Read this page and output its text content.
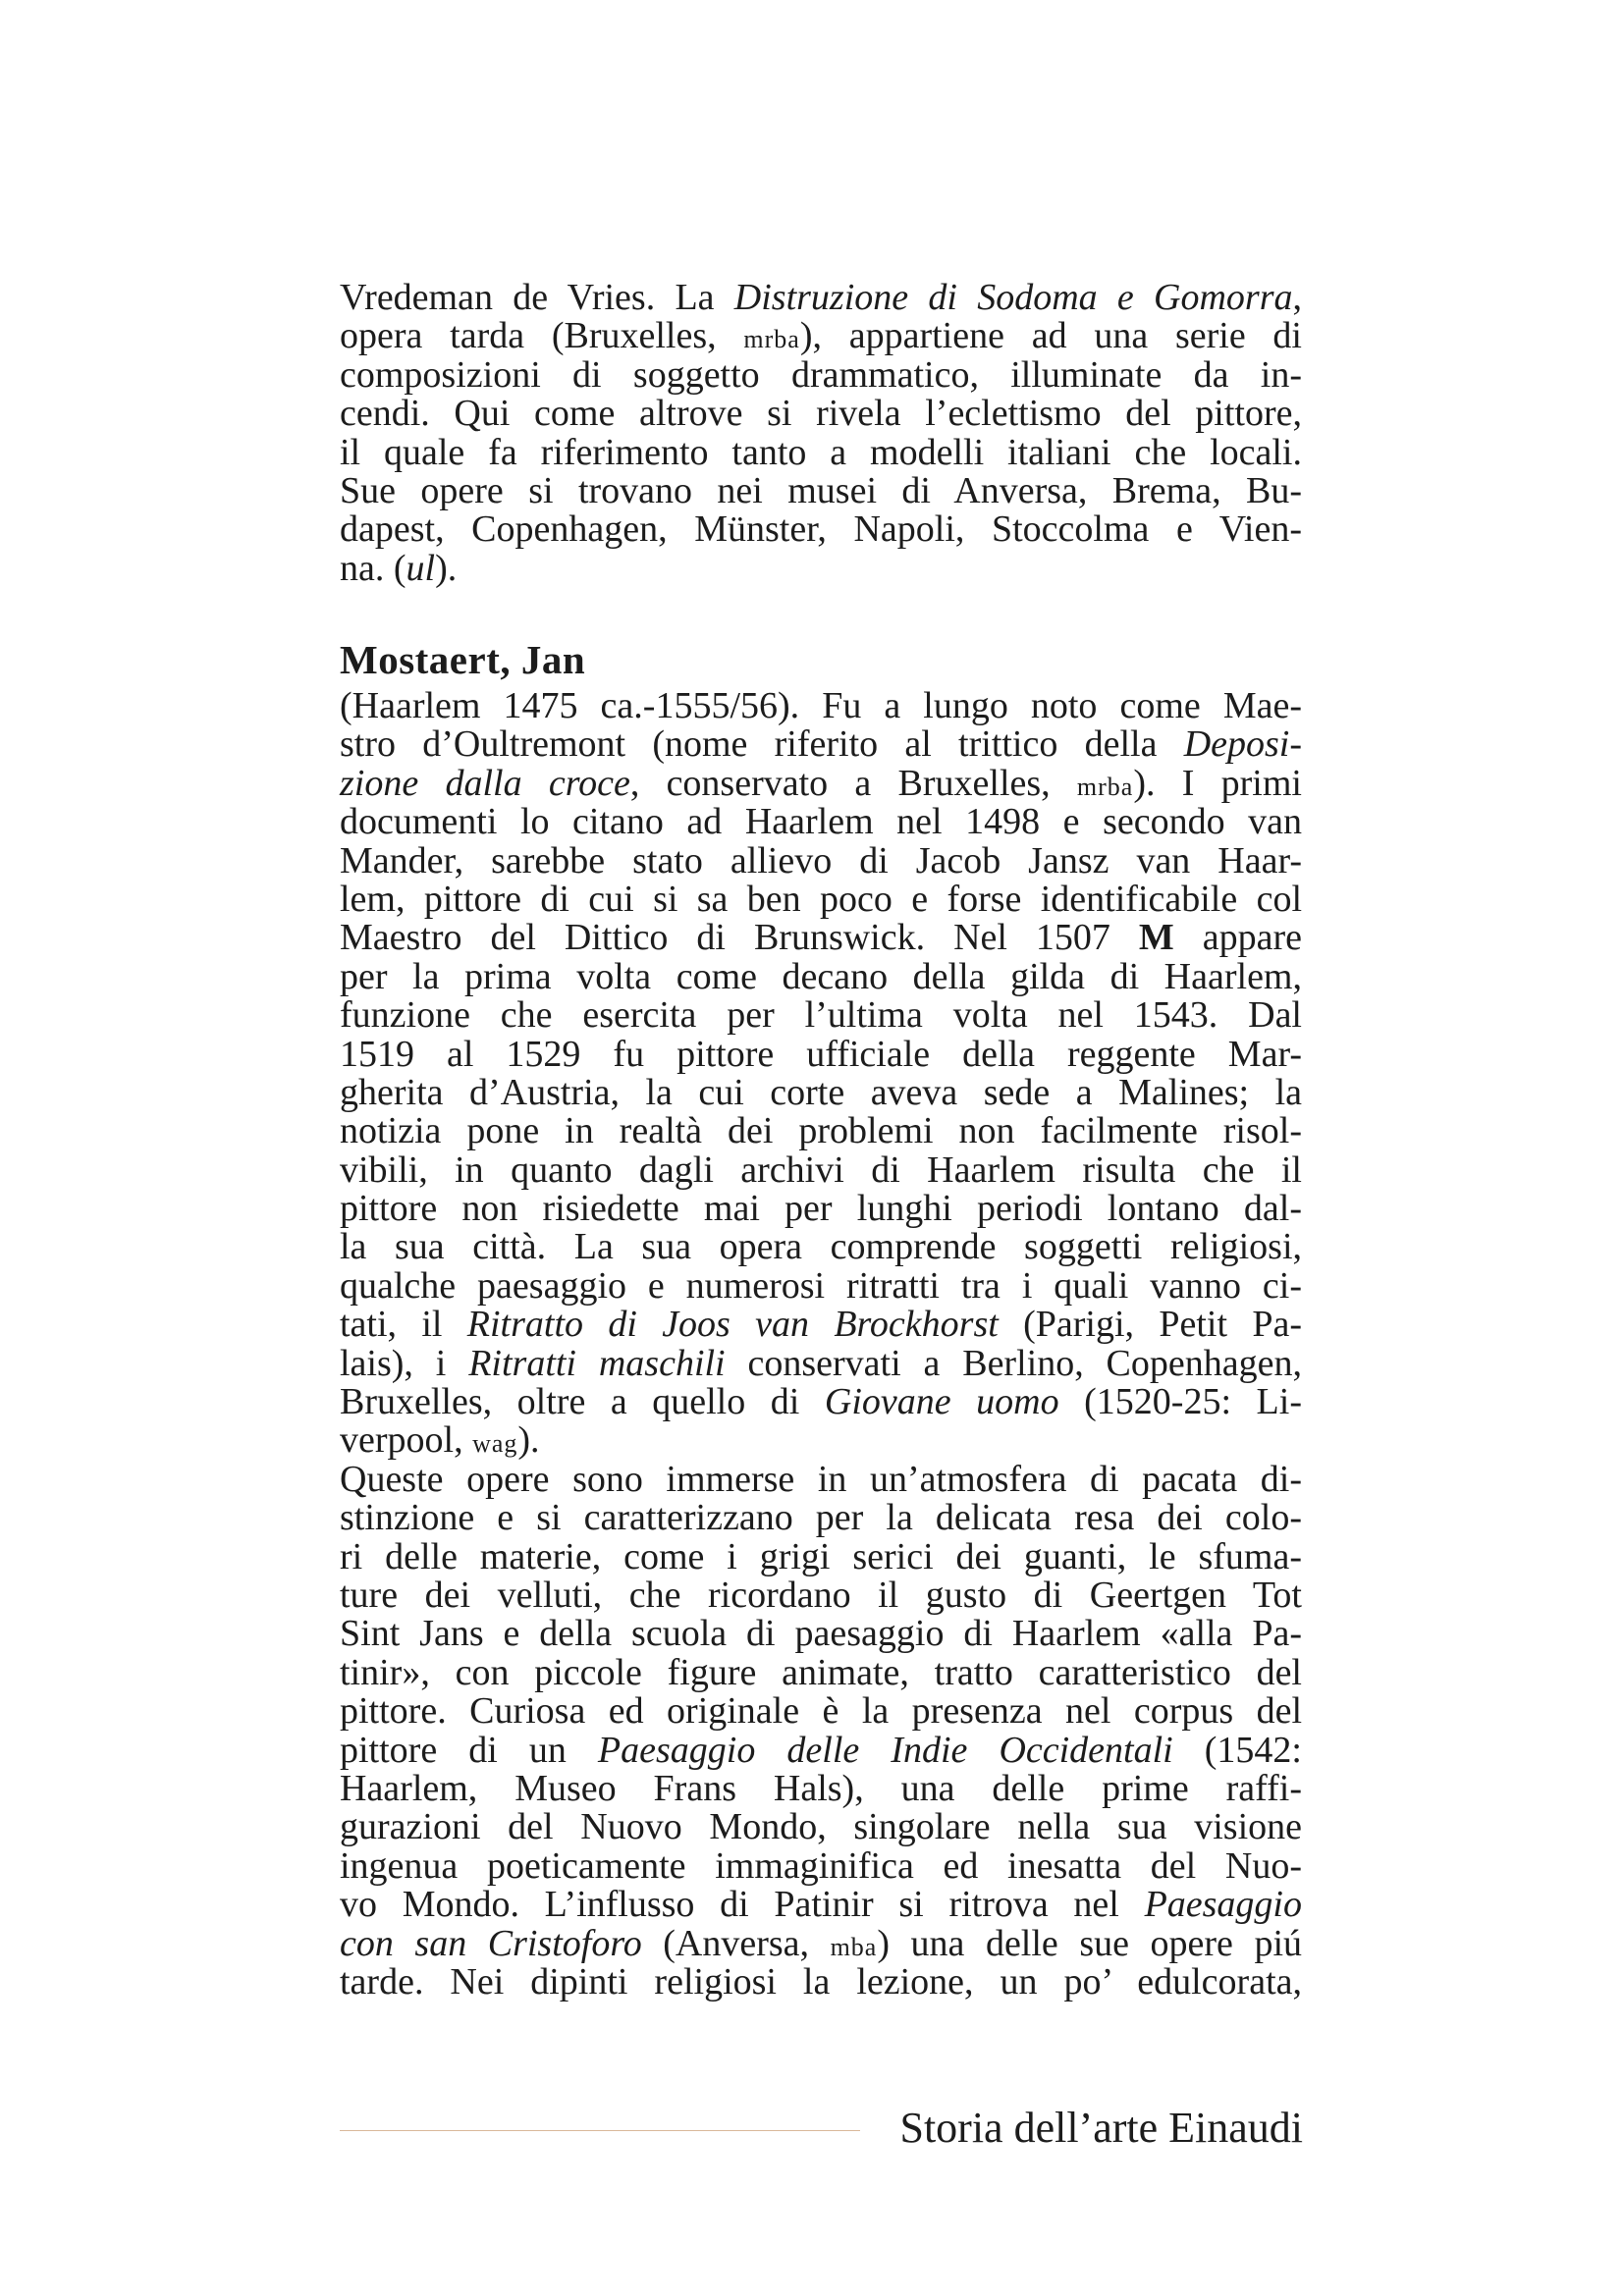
Vredeman de Vries. La Distruzione di Sodoma e Gomorra,
opera tarda (Bruxelles, mrba), appartiene ad una serie di
composizioni di soggetto drammatico, illuminate da in-
cendi. Qui come altrove si rivela l’eclettismo del pittore,
il quale fa riferimento tanto a modelli italiani che locali.
Sue opere si trovano nei musei di Anversa, Brema, Bu-
dapest, Copenhagen, Münster, Napoli, Stoccolma e Vien-
na. (ul).
Mostaert, Jan
(Haarlem 1475 ca.-1555/56). Fu a lungo noto come Mae-
stro d’Oultremont (nome riferito al trittico della Deposi-
zione dalla croce, conservato a Bruxelles, mrba). I primi
documenti lo citano ad Haarlem nel 1498 e secondo van
Mander, sarebbe stato allievo di Jacob Jansz van Haar-
lem, pittore di cui si sa ben poco e forse identificabile col
Maestro del Dittico di Brunswick. Nel 1507 M appare
per la prima volta come decano della gilda di Haarlem,
funzione che esercita per l’ultima volta nel 1543. Dal
1519 al 1529 fu pittore ufficiale della reggente Mar-
gherita d’Austria, la cui corte aveva sede a Malines; la
notizia pone in realtà dei problemi non facilmente risol-
vibili, in quanto dagli archivi di Haarlem risulta che il
pittore non risiedette mai per lunghi periodi lontano dal-
la sua città. La sua opera comprende soggetti religiosi,
qualche paesaggio e numerosi ritratti tra i quali vanno ci-
tati, il Ritratto di Joos van Brockhorst (Parigi, Petit Pa-
lais), i Ritratti maschili conservati a Berlino, Copenhagen,
Bruxelles, oltre a quello di Giovane uomo (1520-25: Li-
verpool, wag).
Queste opere sono immerse in un’atmosfera di pacata di-
stinzione e si caratterizzano per la delicata resa dei colo-
ri delle materie, come i grigi serici dei guanti, le sfuma-
ture dei velluti, che ricordano il gusto di Geertgen Tot
Sint Jans e della scuola di paesaggio di Haarlem «alla Pa-
tinir», con piccole figure animate, tratto caratteristico del
pittore. Curiosa ed originale è la presenza nel corpus del
pittore di un Paesaggio delle Indie Occidentali (1542:
Haarlem, Museo Frans Hals), una delle prime raffi-
gurazioni del Nuovo Mondo, singolare nella sua visione
ingenua poeticamente immaginifica ed inesatta del Nuo-
vo Mondo. L’influsso di Patinir si ritrova nel Paesaggio
con san Cristoforo (Anversa, mba) una delle sue opere piú
tarde. Nei dipinti religiosi la lezione, un po’ edulcorata,
Storia dell’arte Einaudi
